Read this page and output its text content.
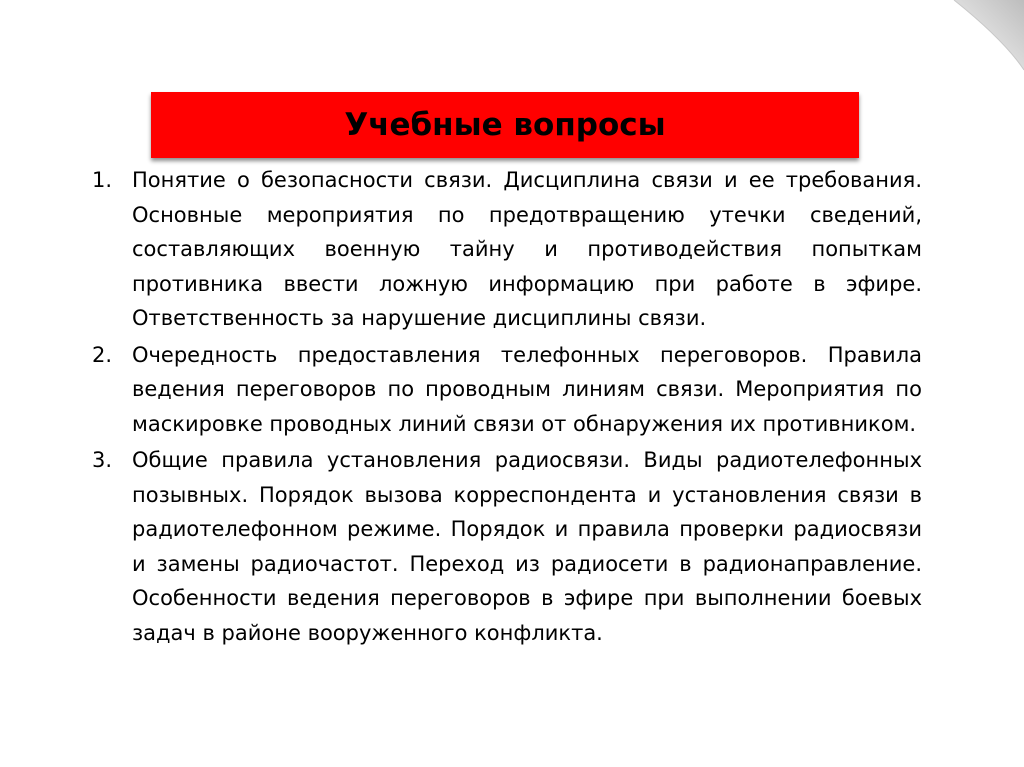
Учебные вопросы
1. Понятие о безопасности связи. Дисциплина связи и ее требования. Основные мероприятия по предотвращению утечки сведений, составляющих военную тайну и противодействия попыткам противника ввести ложную информацию при работе в эфире. Ответственность за нарушение дисциплины связи.
2. Очередность предоставления телефонных переговоров. Правила ведения переговоров по проводным линиям связи. Мероприятия по маскировке проводных линий связи от обнаружения их противником.
3. Общие правила установления радиосвязи. Виды радиотелефонных позывных. Порядок вызова корреспондента и установления связи в радиотелефонном режиме. Порядок и правила проверки радиосвязи и замены радиочастот. Переход из радиосети в радионаправление. Особенности ведения переговоров в эфире при выполнении боевых задач в районе вооруженного конфликта.
